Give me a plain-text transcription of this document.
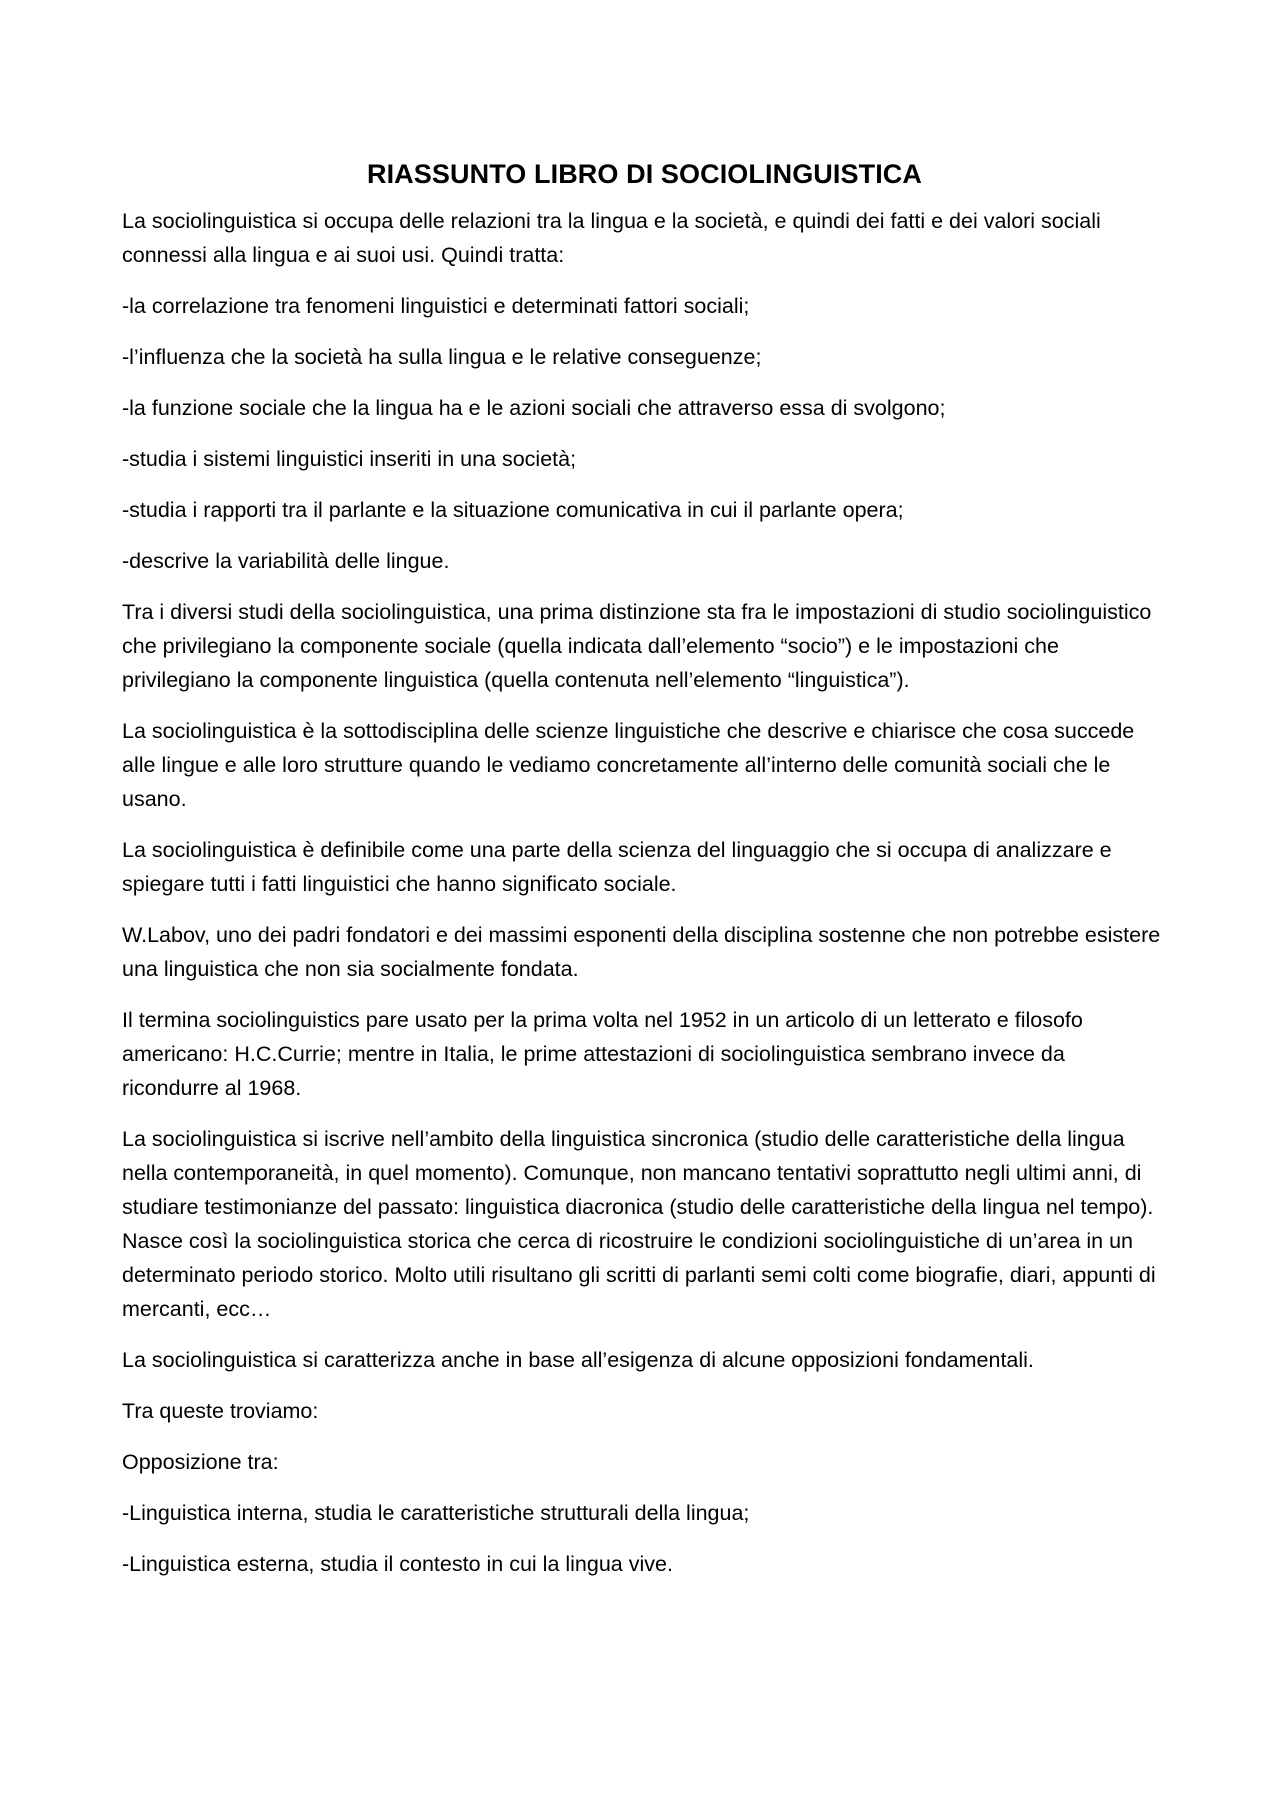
RIASSUNTO LIBRO DI SOCIOLINGUISTICA

La sociolinguistica si occupa delle relazioni tra la lingua e la società, e quindi dei fatti e dei valori sociali connessi alla lingua e ai suoi usi. Quindi tratta:

-la correlazione tra fenomeni linguistici e determinati fattori sociali;

-l’influenza che la società ha sulla lingua e le relative conseguenze;

-la funzione sociale che la lingua ha e le azioni sociali che attraverso essa di svolgono;

-studia i sistemi linguistici inseriti in una società;

-studia i rapporti tra il parlante e la situazione comunicativa in cui il parlante opera;

-descrive la variabilità delle lingue.

Tra i diversi studi della sociolinguistica, una prima distinzione sta fra le impostazioni di studio sociolinguistico che privilegiano la componente sociale (quella indicata dall’elemento “socio”) e le impostazioni che privilegiano la componente linguistica (quella contenuta nell’elemento “linguistica”).

La sociolinguistica è la sottodisciplina delle scienze linguistiche che descrive e chiarisce che cosa succede alle lingue e alle loro strutture quando le vediamo concretamente all’interno delle comunità sociali che le usano.

La sociolinguistica è definibile come una parte della scienza del linguaggio che si occupa di analizzare e spiegare tutti i fatti linguistici che hanno significato sociale.

W.Labov, uno dei padri fondatori e dei massimi esponenti della disciplina sostenne che non potrebbe esistere una linguistica che non sia socialmente fondata.

Il termina sociolinguistics pare usato per la prima volta nel 1952 in un articolo di un letterato e filosofo americano: H.C.Currie; mentre in Italia, le prime attestazioni di sociolinguistica sembrano invece da ricondurre al 1968.

La sociolinguistica si iscrive nell’ambito della linguistica sincronica (studio delle caratteristiche della lingua nella contemporaneità, in quel momento). Comunque, non mancano tentativi soprattutto negli ultimi anni, di studiare testimonianze del passato: linguistica diacronica (studio delle caratteristiche della lingua nel tempo). Nasce così la sociolinguistica storica che cerca di ricostruire le condizioni sociolinguistiche di un’area in un determinato periodo storico. Molto utili risultano gli scritti di parlanti semi colti come biografie, diari, appunti di mercanti, ecc…

La sociolinguistica si caratterizza anche in base all’esigenza di alcune opposizioni fondamentali.

Tra queste troviamo:

Opposizione tra:

-Linguistica interna, studia le caratteristiche strutturali della lingua;

-Linguistica esterna, studia il contesto in cui la lingua vive.
